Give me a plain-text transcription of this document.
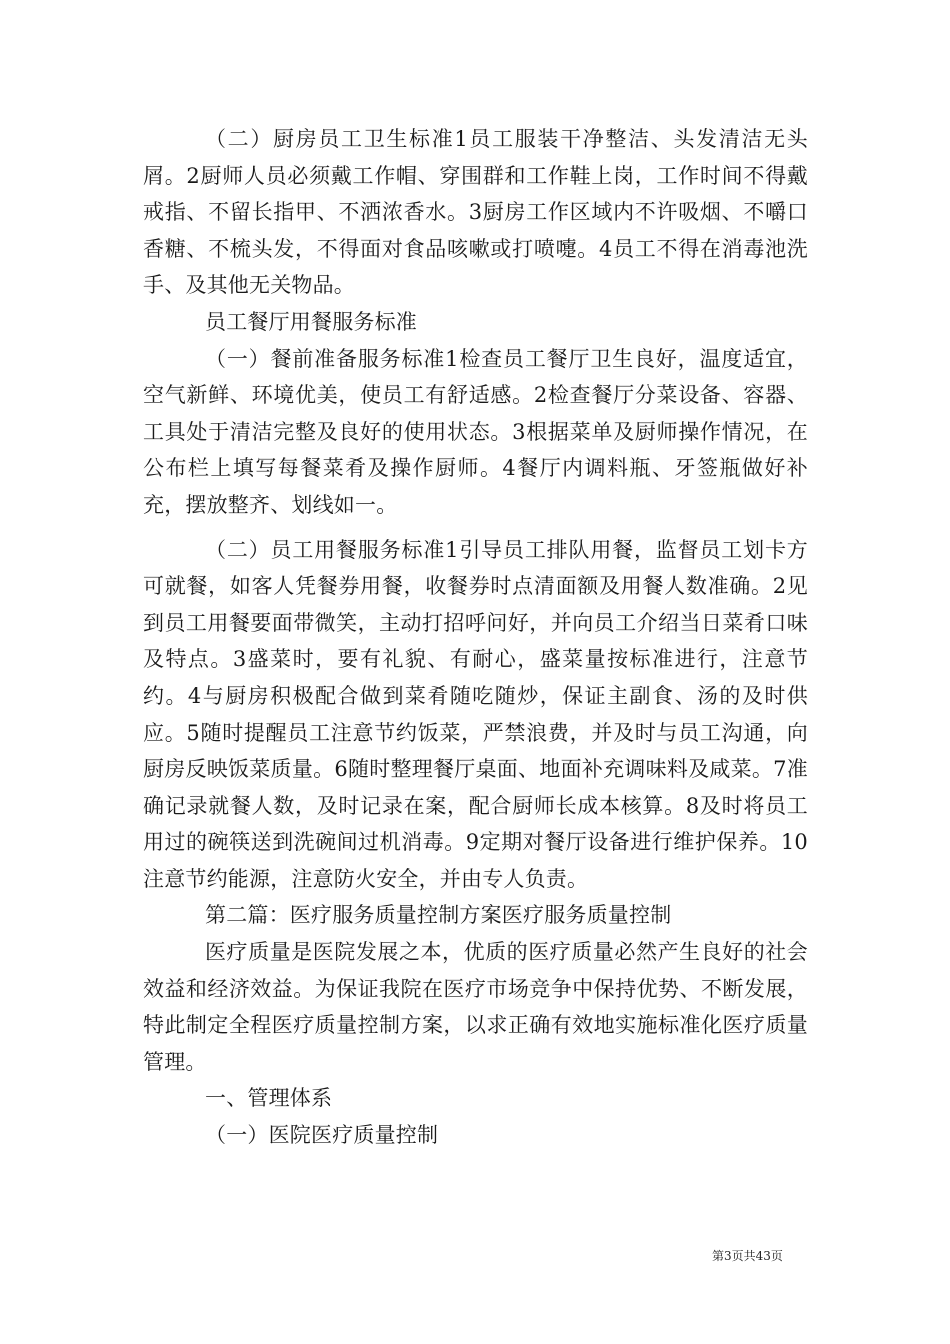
（二）厨房员工卫生标准1员工服装干净整洁、头发清洁无头屑。2厨师人员必须戴工作帽、穿围群和工作鞋上岗，工作时间不得戴戒指、不留长指甲、不洒浓香水。3厨房工作区域内不许吸烟、不嚼口香糖、不梳头发，不得面对食品咳嗽或打喷嚏。4员工不得在消毒池洗手、及其他无关物品。

员工餐厅用餐服务标准

（一）餐前准备服务标准1检查员工餐厅卫生良好，温度适宜，空气新鲜、环境优美，使员工有舒适感。2检查餐厅分菜设备、容器、工具处于清洁完整及良好的使用状态。3根据菜单及厨师操作情况，在公布栏上填写每餐菜肴及操作厨师。4餐厅内调料瓶、牙签瓶做好补充，摆放整齐、划线如一。

（二）员工用餐服务标准1引导员工排队用餐，监督员工划卡方可就餐，如客人凭餐券用餐，收餐券时点清面额及用餐人数准确。2见到员工用餐要面带微笑，主动打招呼问好，并向员工介绍当日菜肴口味及特点。3盛菜时，要有礼貌、有耐心，盛菜量按标准进行，注意节约。4与厨房积极配合做到菜肴随吃随炒，保证主副食、汤的及时供应。5随时提醒员工注意节约饭菜，严禁浪费，并及时与员工沟通，向厨房反映饭菜质量。6随时整理餐厅桌面、地面补充调味料及咸菜。7准确记录就餐人数，及时记录在案，配合厨师长成本核算。8及时将员工用过的碗筷送到洗碗间过机消毒。9定期对餐厅设备进行维护保养。10注意节约能源，注意防火安全，并由专人负责。

第二篇：医疗服务质量控制方案医疗服务质量控制

医疗质量是医院发展之本，优质的医疗质量必然产生良好的社会效益和经济效益。为保证我院在医疗市场竞争中保持优势、不断发展，特此制定全程医疗质量控制方案，以求正确有效地实施标准化医疗质量管理。

一、管理体系

（一）医院医疗质量控制

第3页共43页
